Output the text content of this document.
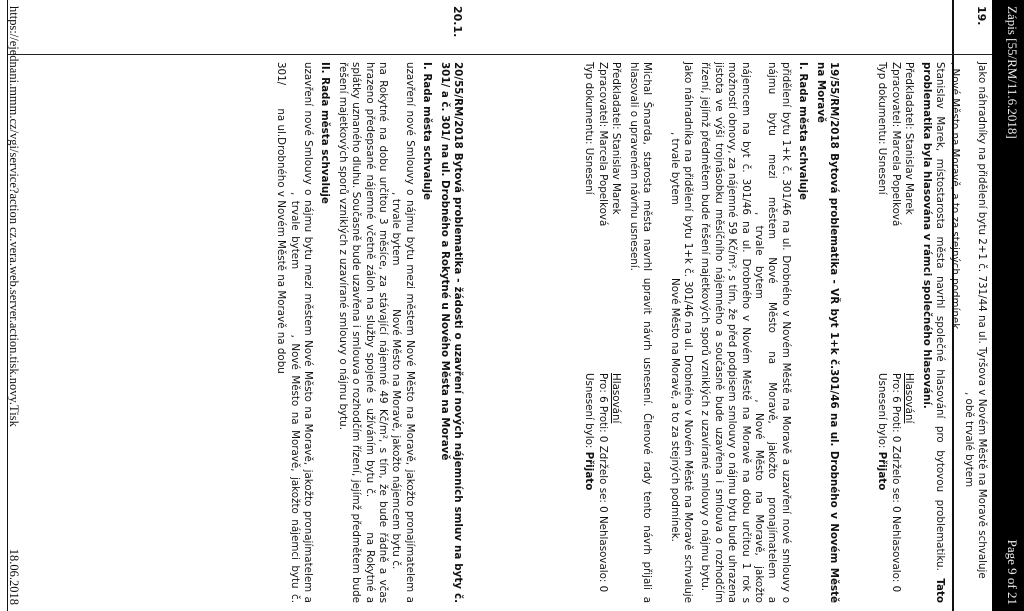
Zápis [55/RM/11.6.2018]
Page 9 of 21

Jako náhradníky na přidělení bytu 2+1 č. 731/44 na ul. Tyršova v Novém Městě na Moravě schvaluje
, obě trvalé bytem
, Nové Město na Moravě, a to za stejných podmínek.

Stanislav Marek, místostarosta města navrhl společné hlasování pro bytovou problematiku. Tato problematika byla hlasována v rámci společného hlasování.

Předkladatel: Stanislav Marek
Hlasování
Zpracovatel: Marcela Popelková
Pro: 6 Proti: 0 Zdrželo se: 0 Nehlasovalo: 0
Typ dokumentu: Usnesení
Usnesení bylo: Přijato
19.

19/55/RM/2018 Bytová problematika - VŘ byt 1+k č.301/46 na ul. Drobného v Novém Městě na Moravě

I. Rada města schvaluje

přidělení bytu 1+k č. 301/46 na ul. Drobného v Novém Městě na Moravě a uzavření nové smlouvy o nájmu bytu mezi městem Nové Město na Moravě, jakožto pronajímatelem a , trvale bytem , Nové Město na Moravě, jakožto nájemcem na byt č. 301/46 na ul. Drobného v Novém Městě na Moravě na dobu určitou 1 rok s možností obnovy, za nájemné 59 Kč/m², s tím, že před podpisem smlouvy o nájmu bytu bude uhrazena jistota ve výši trojnásobku měsíčního nájemného a současně bude uzavřena i smlouva o rozhodčím řízení, jejímž předmětem bude řešení majetkových sporů vzniklých z uzavírané smlouvy o nájmu bytu.

Jako náhradníka na přidělení bytu 1+k č. 301/46 na ul. Drobného v Novém Městě na Moravě schvaluje , trvale bytem Nové Město na Moravě, a to za stejných podmínek.

Michal Šmarda, starosta města navrhl upravit návrh usnesení. Členové rady tento návrh přijali a hlasovali o upraveném návrhu usnesení.

Předkladatel: Stanislav Marek
Hlasování
Zpracovatel: Marcela Popelková
Pro: 6 Proti: 0 Zdrželo se: 0 Nehlasovalo: 0
Typ dokumentu: Usnesení
Usnesení bylo: Přijato
20.1.

20/55/RM/2018 Bytová problematika - žádosti o uzavření nových nájemních smluv na byty č. 301/ a č. 301/ na ul. Drobného a Rokytné u Nového Města na Moravě

I. Rada města schvaluje

uzavření nové Smlouvy o nájmu bytu mezi městem Nové Město na Moravě, jakožto pronajímatelem a , trvale bytem Nové Město na Moravě, jakožto nájemcem bytu č. na Rokytné na dobu určitou 3 měsíce, za stávající nájemné 49 Kč/m², s tím, že bude řádně a včas hrazeno předepsané nájemné včetně záloh na služby spojené s užíváním bytu č. na Rokytné a splátky uznaného dluhu. Současně bude uzavřena i smlouva o rozhodčím řízení, jejímž předmětem bude řešení majetkových sporů vzniklých z uzavírané smlouvy o nájmu bytu.

II. Rada města schvaluje

uzavření nové Smlouvy o nájmu bytu mezi městem Nové Město na Moravě, jakožto pronajímatelem a , trvale bytem , Nové Město na Moravě, jakožto nájemci bytu č. 301/ na ul.Drobného v Novém Městě na Moravě na dobu

https://ejednani.mmm.cz/vgi/service?action cz.vera.web.server.action.tisk.novy.Tisk
18.06.2018
